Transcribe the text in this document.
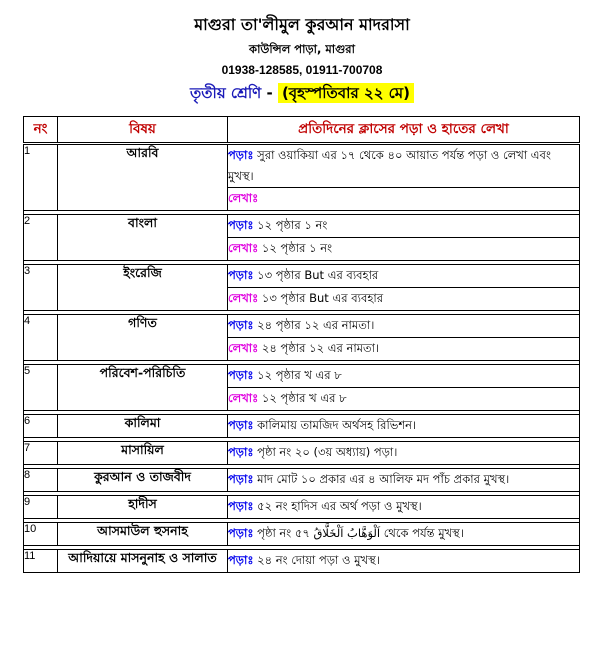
মাগুরা তা'লীমুল কুরআন মাদরাসা
কাউন্সিল পাড়া, মাগুরা
01938-128585, 01911-700708
তৃতীয় শ্রেণি - (বৃহস্পতিবার ২২ মে)
নং	বিষয়	প্রতিদিনের ক্লাসের পড়া ও হাতের লেখা

1	আরবি	পড়াঃ সুরা ওয়াকিয়া এর ১৭ থেকে ৪০ আয়াত পর্যন্ত পড়া ও লেখা এবং মুখস্থ।
		লেখাঃ

2	বাংলা	পড়াঃ ১২ পৃষ্ঠার ১ নং
		লেখাঃ ১২ পৃষ্ঠার ১ নং

3	ইংরেজি	পড়াঃ ১৩ পৃষ্ঠার But এর ব্যবহার
		লেখাঃ ১৩ পৃষ্ঠার But এর ব্যবহার

4	গণিত	পড়াঃ ২৪ পৃষ্ঠার ১২ এর নামতা।
		লেখাঃ ২৪ পৃষ্ঠার ১২ এর নামতা।

5	পরিবেশ-পরিচিতি	পড়াঃ ১২ পৃষ্ঠার খ এর ৮
		লেখাঃ ১২ পৃষ্ঠার খ এর ৮

6	কালিমা	পড়াঃ কালিমায় তামজিদ অর্থসহ রিভিশন।

7	মাসায়িল	পড়াঃ পৃষ্ঠা নং ২০ (৩য় অধ্যায়) পড়া।

8	কুরআন ও তাজবীদ	পড়াঃ মাদ মোট ১০ প্রকার এর ৪ আলিফ মদ পাঁচ প্রকার মুখস্থ।

9	হাদীস	পড়াঃ ৫২ নং হাদিস এর অর্থ পড়া ও মুখস্থ।

10	আসমাউল হুসনাহ	পড়াঃ পৃষ্ঠা নং ৫৭ اَلْوَهَّابُ اَلْخَلَّاقُ থেকে পর্যন্ত মুখস্থ।

11	আদিয়ায়ে মাসনুনাহ ও সালাত	পড়াঃ ২৪ নং দোয়া পড়া ও মুখস্থ।
